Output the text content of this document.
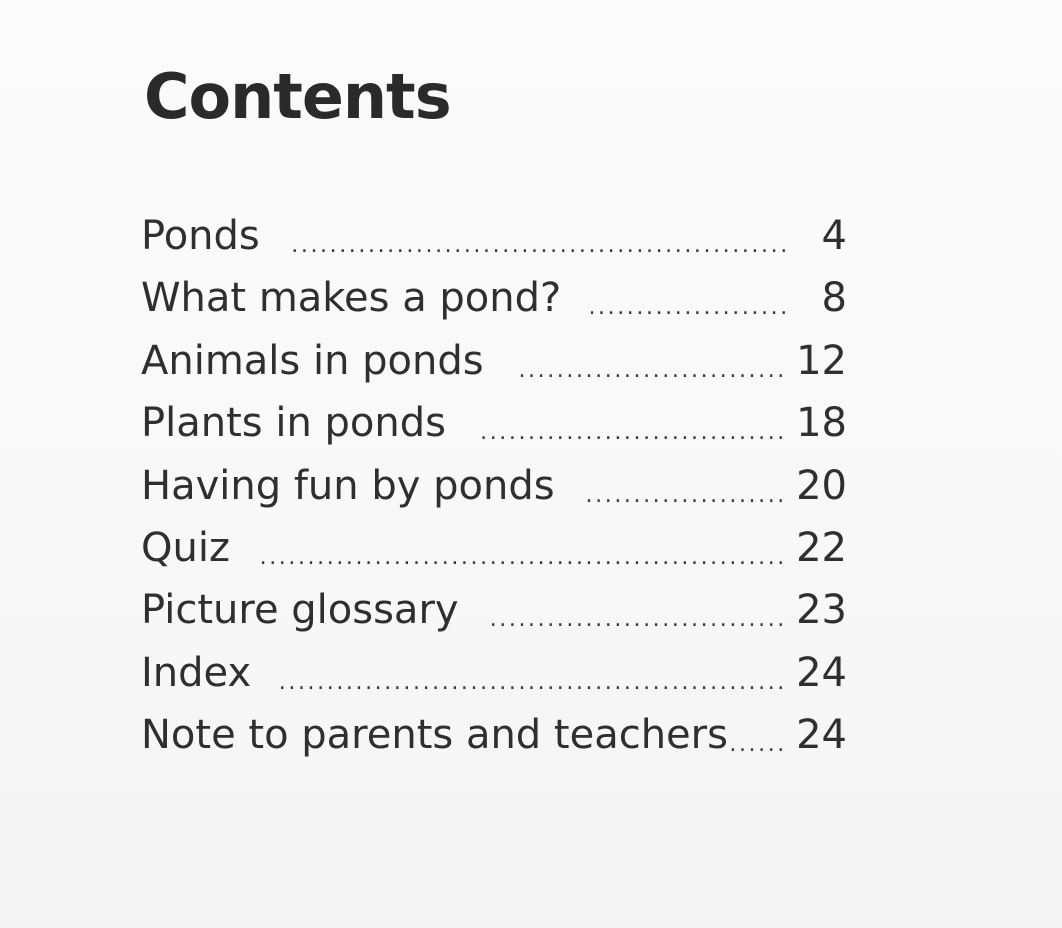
Contents
Ponds . . .	4
What makes a pond? . . .	8
Animals in ponds . . .	12
Plants in ponds . . .	18
Having fun by ponds . . .	20
Quiz . . .	22
Picture glossary . . .	23
Index . . .	24
Note to parents and teachers . . . 24
